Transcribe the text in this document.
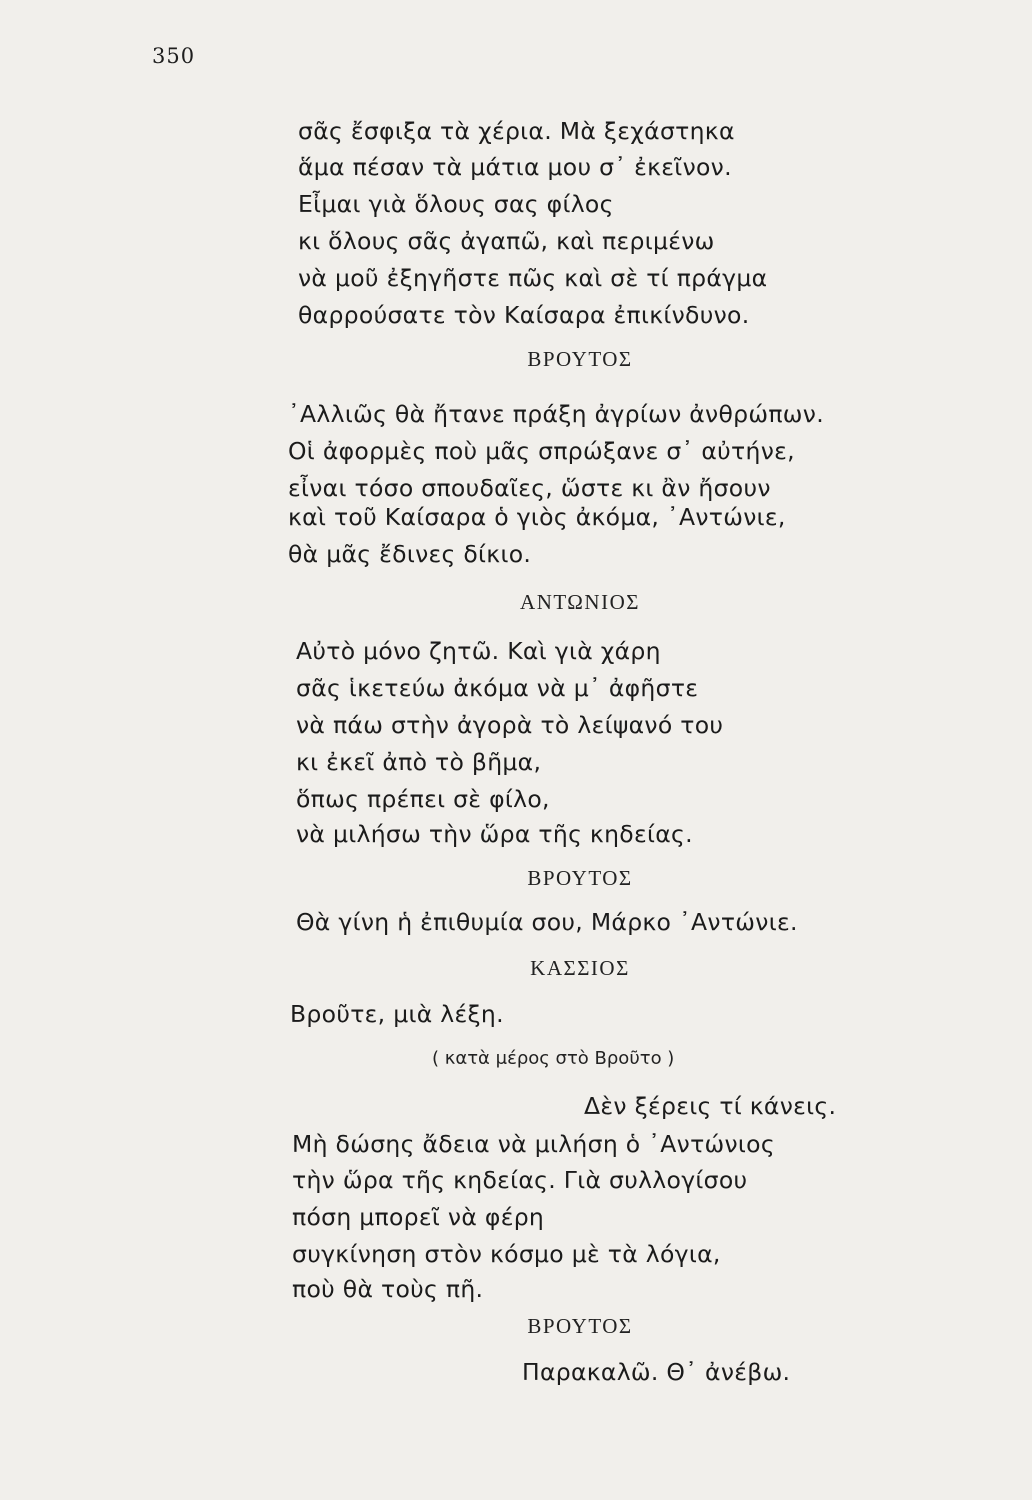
350
σᾶς ἔσφιξα τὰ χέρια. Μὰ ξεχάστηκα
ἅμα πέσαν τὰ μάτια μου σ᾿ ἐκεῖνον.
Εἶμαι γιὰ ὅλους σας φίλος
κι ὅλους σᾶς ἀγαπῶ, καὶ περιμένω
νὰ μοῦ ἐξηγῆστε πῶς καὶ σὲ τί πράγμα
θαρρούσατε τὸν Καίσαρα ἐπικίνδυνο.
ΒΡΟΥΤΟΣ
᾿Αλλιῶς θὰ ἤτανε πράξη ἀγρίων ἀνθρώπων.
Οἱ ἀφορμὲς ποὺ μᾶς σπρώξανε σ᾿ αὐτήνε,
εἶναι τόσο σπουδαῖες, ὥστε κι ἂν ἤσουν
καὶ τοῦ Καίσαρα ὁ γιὸς ἀκόμα, ᾿Αντώνιε,
θὰ μᾶς ἔδινες δίκιο.
ΑΝΤΩΝΙΟΣ
Αὐτὸ μόνο ζητῶ. Καὶ γιὰ χάρη
σᾶς ἱκετεύω ἀκόμα νὰ μ᾿ ἀφῆστε
νὰ πάω στὴν ἀγορὰ τὸ λείψανό του
κι ἐκεῖ ἀπὸ τὸ βῆμα,
ὅπως πρέπει σὲ φίλο,
νὰ μιλήσω τὴν ὥρα τῆς κηδείας.
ΒΡΟΥΤΟΣ
Θὰ γίνη ἡ ἐπιθυμία σου, Μάρκο ᾿Αντώνιε.
ΚΑΣΣΙΟΣ
Βροῦτε, μιὰ λέξη.
( κατὰ μέρος στὸ Βροῦτο )
Δὲν ξέρεις τί κάνεις.
Μὴ δώσης ἄδεια νὰ μιλήση ὁ ᾿Αντώνιος
τὴν ὥρα τῆς κηδείας. Γιὰ συλλογίσου
πόση μπορεῖ νὰ φέρη
συγκίνηση στὸν κόσμο μὲ τὰ λόγια,
ποὺ θὰ τοὺς πῆ.
ΒΡΟΥΤΟΣ
Παρακαλῶ. Θ᾿ ἀνέβω.
